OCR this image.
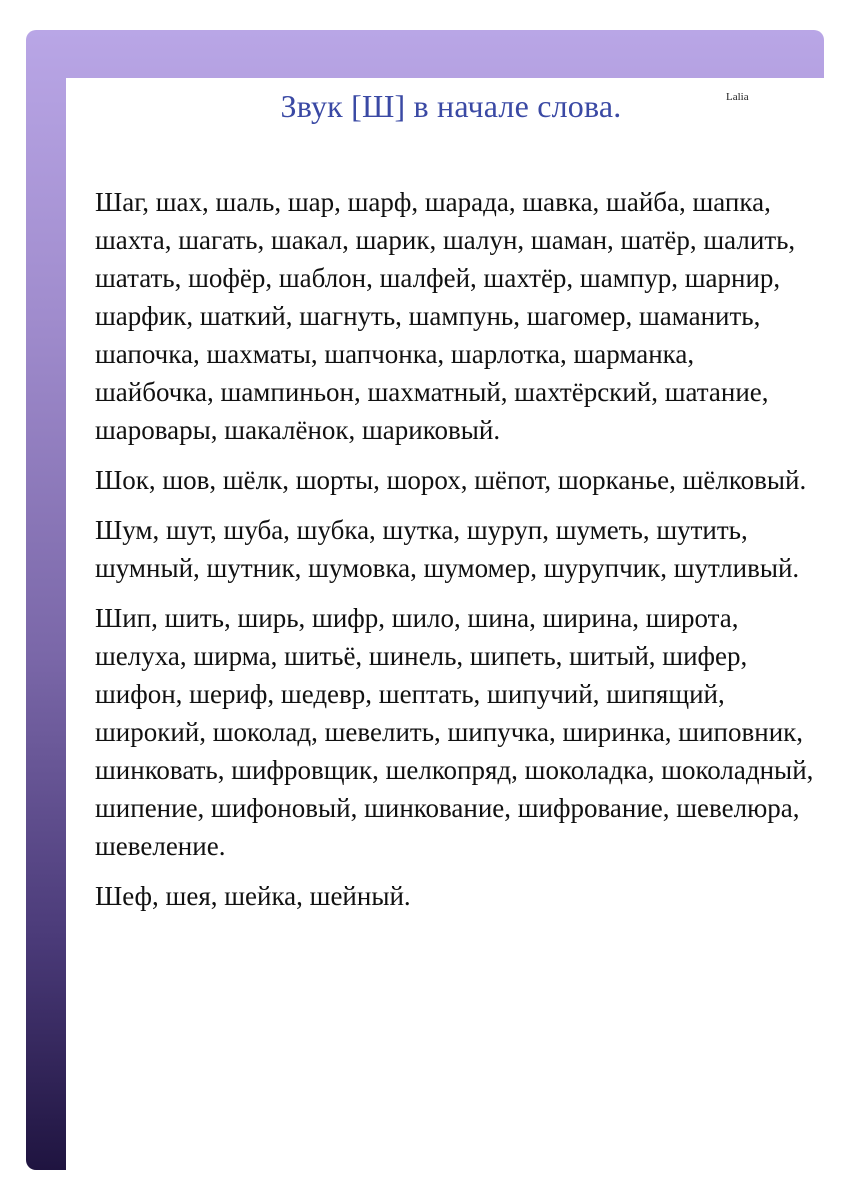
Звук [Ш] в начале слова.	Lalia

Шаг, шах, шаль, шар, шарф, шарада, шавка, шайба, шапка, шахта, шагать, шакал, шарик, шалун, шаман, шатёр, шалить, шатать, шофёр, шаблон, шалфей, шахтёр, шампур, шарнир, шарфик, шаткий, шагнуть, шампунь, шагомер, шаманить, шапочка, шахматы, шапчонка, шарлотка, шарманка, шайбочка, шампиньон, шахматный, шахтёрский, шатание, шаровары, шакалёнок, шариковый.

Шок, шов, шёлк, шорты, шорох, шёпот, шорканье, шёлковый.

Шум, шут, шуба, шубка, шутка, шуруп, шуметь, шутить, шумный, шутник, шумовка, шумомер, шурупчик, шутливый.

Шип, шить, ширь, шифр, шило, шина, ширина, широта, шелуха, ширма, шитьё, шинель, шипеть, шитый, шифер, шифон, шериф, шедевр, шептать, шипучий, шипящий, широкий, шоколад, шевелить, шипучка, ширинка, шиповник, шинковать, шифровщик, шелкопряд, шоколадка, шоколадный, шипение, шифоновый, шинкование, шифрование, шевелюра, шевеление.

Шеф, шея, шейка, шейный.
